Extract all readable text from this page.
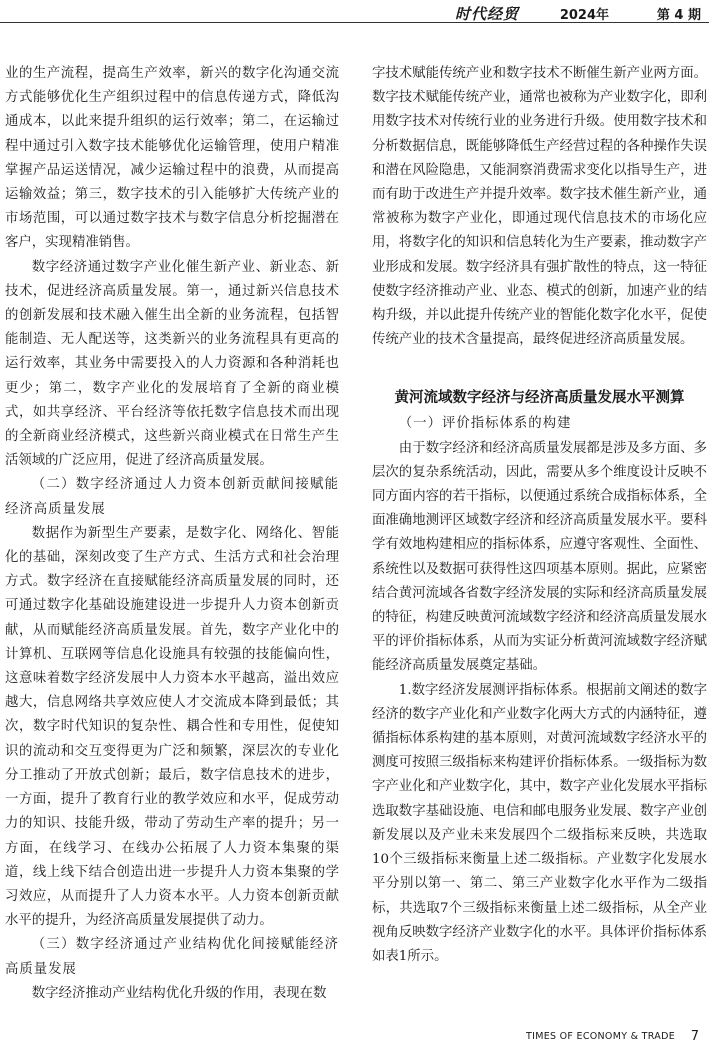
时代经贸	2024年	第 4 期

业的生产流程，提高生产效率，新兴的数字化沟通交流方式能够优化生产组织过程中的信息传递方式，降低沟通成本，以此来提升组织的运行效率；第二，在运输过程中通过引入数字技术能够优化运输管理，使用户精准掌握产品运送情况，减少运输过程中的浪费，从而提高运输效益；第三，数字技术的引入能够扩大传统产业的市场范围，可以通过数字技术与数字信息分析挖掘潜在客户，实现精准销售。

数字经济通过数字产业化催生新产业、新业态、新技术，促进经济高质量发展。第一，通过新兴信息技术的创新发展和技术融入催生出全新的业务流程，包括智能制造、无人配送等，这类新兴的业务流程具有更高的运行效率，其业务中需要投入的人力资源和各种消耗也更少；第二，数字产业化的发展培育了全新的商业模式，如共享经济、平台经济等依托数字信息技术而出现的全新商业经济模式，这些新兴商业模式在日常生产生活领域的广泛应用，促进了经济高质量发展。

（二）数字经济通过人力资本创新贡献间接赋能经济高质量发展

数据作为新型生产要素，是数字化、网络化、智能化的基础，深刻改变了生产方式、生活方式和社会治理方式。数字经济在直接赋能经济高质量发展的同时，还可通过数字化基础设施建设进一步提升人力资本创新贡献，从而赋能经济高质量发展。首先，数字产业化中的计算机、互联网等信息化设施具有较强的技能偏向性，这意味着数字经济发展中人力资本水平越高，溢出效应越大，信息网络共享效应使人才交流成本降到最低；其次，数字时代知识的复杂性、耦合性和专用性，促使知识的流动和交互变得更为广泛和频繁，深层次的专业化分工推动了开放式创新；最后，数字信息技术的进步，一方面，提升了教育行业的教学效应和水平，促成劳动力的知识、技能升级，带动了劳动生产率的提升；另一方面，在线学习、在线办公拓展了人力资本集聚的渠道，线上线下结合创造出进一步提升人力资本集聚的学习效应，从而提升了人力资本水平。人力资本创新贡献水平的提升，为经济高质量发展提供了动力。

（三）数字经济通过产业结构优化间接赋能经济高质量发展

数字经济推动产业结构优化升级的作用，表现在数

字技术赋能传统产业和数字技术不断催生新产业两方面。数字技术赋能传统产业，通常也被称为产业数字化，即利用数字技术对传统行业的业务进行升级。使用数字技术和分析数据信息，既能够降低生产经营过程的各种操作失误和潜在风险隐患，又能洞察消费需求变化以指导生产，进而有助于改进生产并提升效率。数字技术催生新产业，通常被称为数字产业化，即通过现代信息技术的市场化应用，将数字化的知识和信息转化为生产要素，推动数字产业形成和发展。数字经济具有强扩散性的特点，这一特征使数字经济推动产业、业态、模式的创新，加速产业的结构升级，并以此提升传统产业的智能化数字化水平，促使传统产业的技术含量提高，最终促进经济高质量发展。

黄河流域数字经济与经济高质量发展水平测算

（一）评价指标体系的构建

由于数字经济和经济高质量发展都是涉及多方面、多层次的复杂系统活动，因此，需要从多个维度设计反映不同方面内容的若干指标，以便通过系统合成指标体系，全面准确地测评区域数字经济和经济高质量发展水平。要科学有效地构建相应的指标体系，应遵守客观性、全面性、系统性以及数据可获得性这四项基本原则。据此，应紧密结合黄河流域各省数字经济发展的实际和经济高质量发展的特征，构建反映黄河流域数字经济和经济高质量发展水平的评价指标体系，从而为实证分析黄河流域数字经济赋能经济高质量发展奠定基础。

1.数字经济发展测评指标体系。根据前文阐述的数字经济的数字产业化和产业数字化两大方式的内涵特征，遵循指标体系构建的基本原则，对黄河流域数字经济水平的测度可按照三级指标来构建评价指标体系。一级指标为数字产业化和产业数字化，其中，数字产业化发展水平指标选取数字基础设施、电信和邮电服务业发展、数字产业创新发展以及产业未来发展四个二级指标来反映，共选取10个三级指标来衡量上述二级指标。产业数字化发展水平分别以第一、第二、第三产业数字化水平作为二级指标，共选取7个三级指标来衡量上述二级指标，从全产业视角反映数字经济产业数字化的水平。具体评价指标体系如表1所示。

TIMES OF ECONOMY & TRADE 7
